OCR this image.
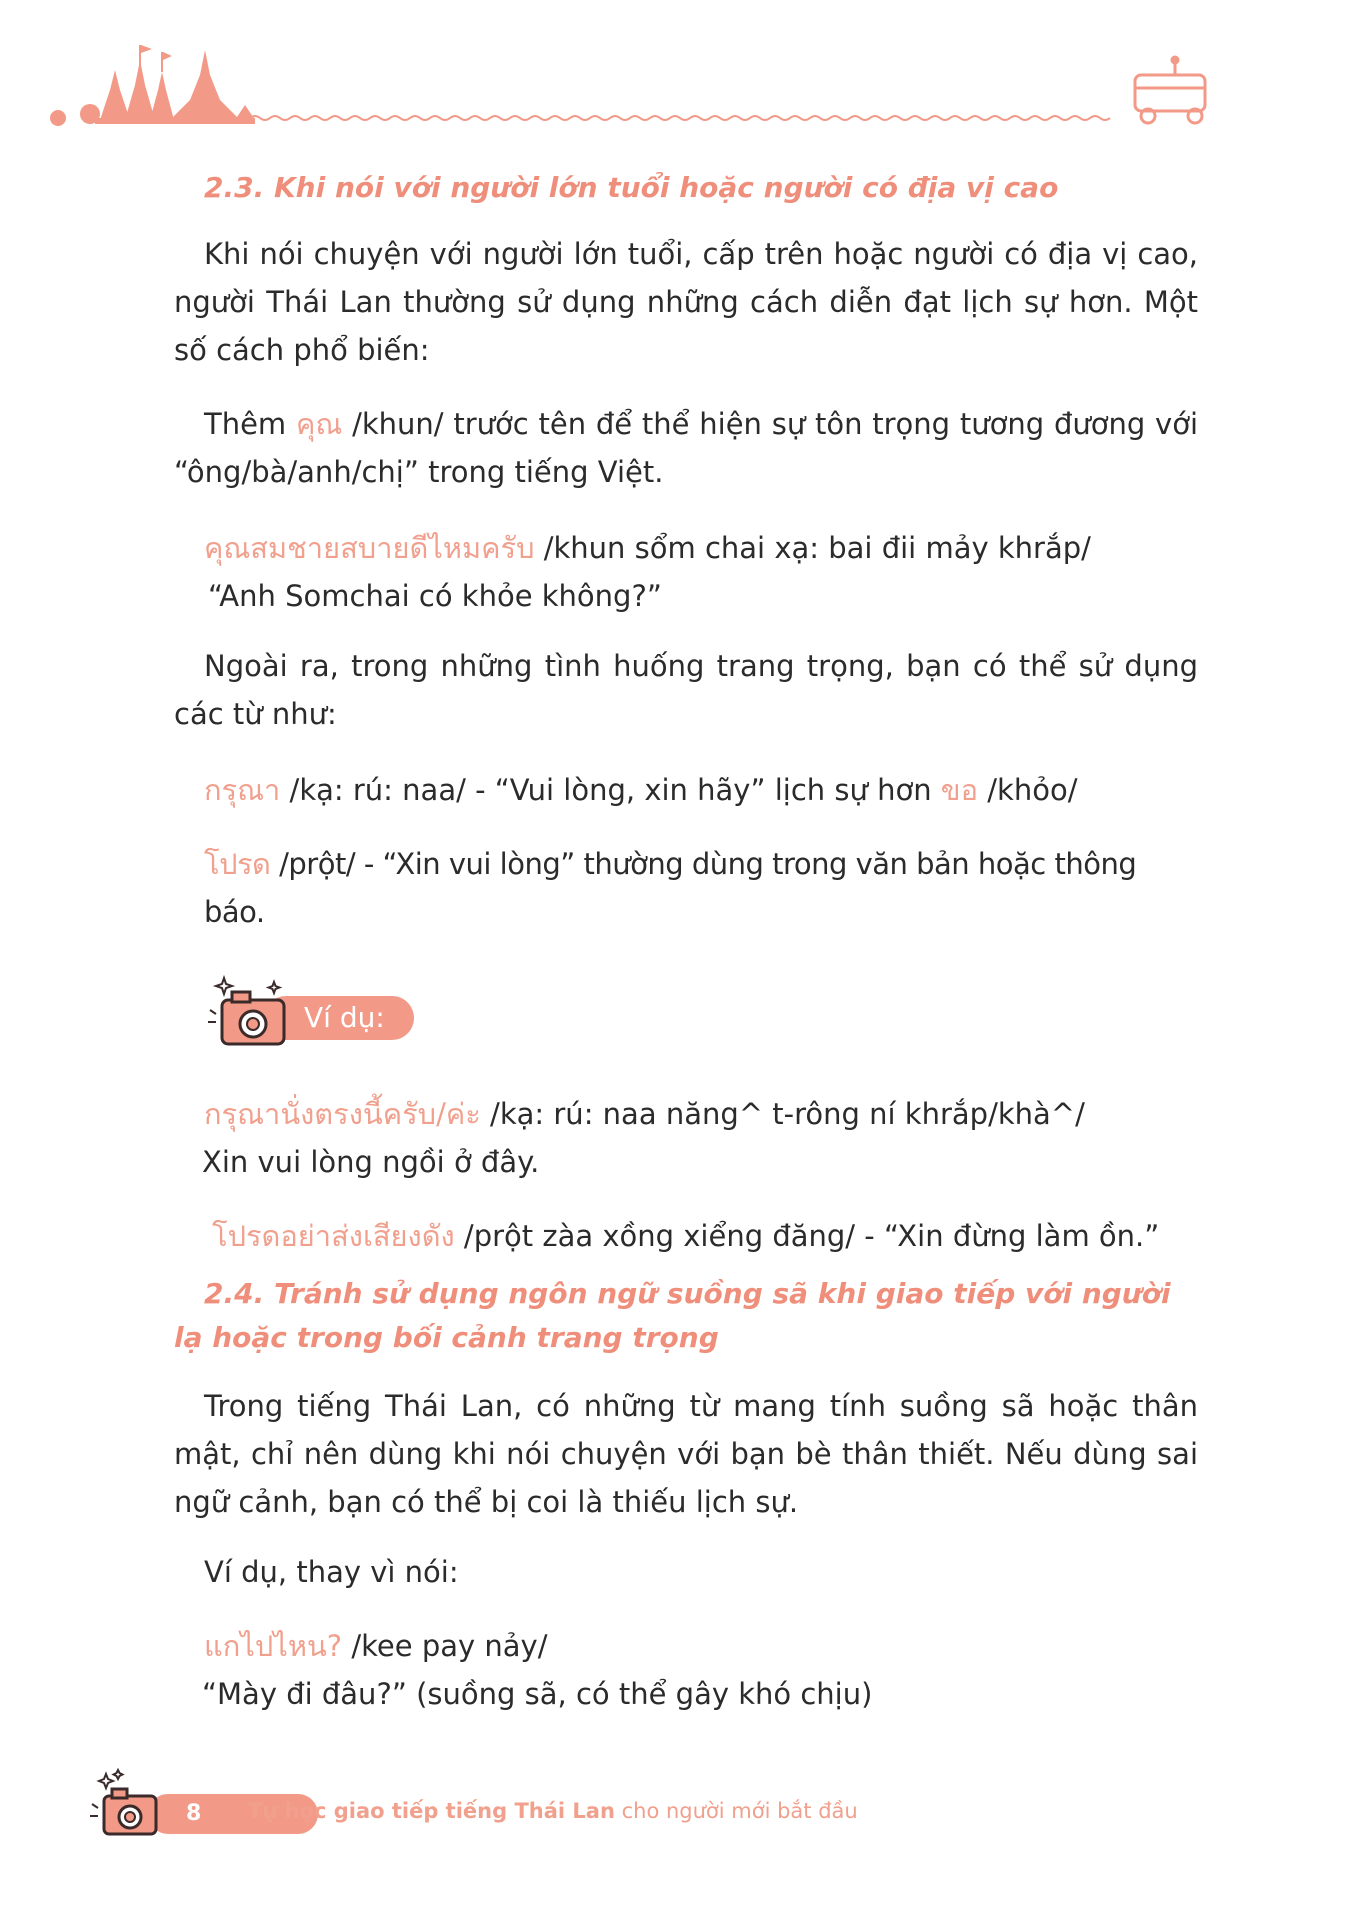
2.3. Khi nói với người lớn tuổi hoặc người có địa vị cao

Khi nói chuyện với người lớn tuổi, cấp trên hoặc người có địa vị cao, người Thái Lan thường sử dụng những cách diễn đạt lịch sự hơn. Một số cách phổ biến:

Thêm คุณ /khun/ trước tên để thể hiện sự tôn trọng tương đương với “ông/bà/anh/chị” trong tiếng Việt.

คุณสมชายสบายดีไหมครับ /khun sổm chai xạ: bai đii mảy khrắp/

“Anh Somchai có khỏe không?”

Ngoài ra, trong những tình huống trang trọng, bạn có thể sử dụng các từ như:

กรุณา /kạ: rú: naa/ - “Vui lòng, xin hãy” lịch sự hơn ขอ /khỏo/

โปรด /prột/ - “Xin vui lòng” thường dùng trong văn bản hoặc thông báo.

Ví dụ:

กรุณานั่งตรงนี้ครับ/ค่ะ /kạ: rú: naa năng^ t-rông ní khrắp/khà^/

Xin vui lòng ngồi ở đây.

โปรดอย่าส่งเสียงดัง /prột zàa xồng xiểng đăng/ - “Xin đừng làm ồn.”

2.4. Tránh sử dụng ngôn ngữ suồng sã khi giao tiếp với người lạ hoặc trong bối cảnh trang trọng

Trong tiếng Thái Lan, có những từ mang tính suồng sã hoặc thân mật, chỉ nên dùng khi nói chuyện với bạn bè thân thiết. Nếu dùng sai ngữ cảnh, bạn có thể bị coi là thiếu lịch sự.

Ví dụ, thay vì nói:

แกไปไหน? /kee pay nảy/

“Mày đi đâu?” (suồng sã, có thể gây khó chịu)

8 Tự học giao tiếp tiếng Thái Lan cho người mới bắt đầu
